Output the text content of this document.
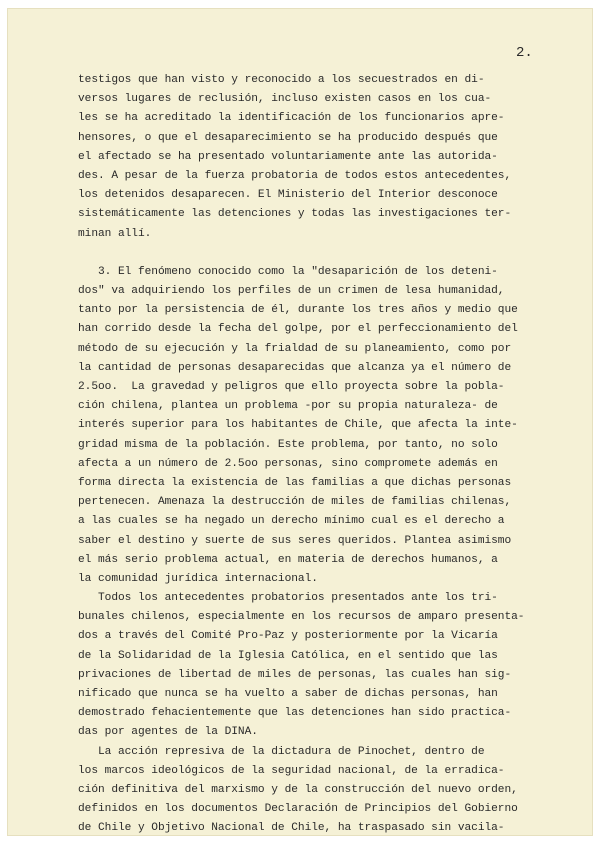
2.
testigos que han visto y reconocido a los secuestrados en di-
versos lugares de reclusión, incluso existen casos en los cua-
les se ha acreditado la identificación de los funcionarios apre-
hensores, o que el desaparecimiento se ha producido después que
el afectado se ha presentado voluntariamente ante las autorida-
des. A pesar de la fuerza probatoria de todos estos antecedentes,
los detenidos desaparecen. El Ministerio del Interior desconoce
sistemáticamente las detenciones y todas las investigaciones ter-
minan allí.
3. El fenómeno conocido como la "desaparición de los deteni-
dos" va adquiriendo los perfiles de un crimen de lesa humanidad,
tanto por la persistencia de él, durante los tres años y medio que
han corrido desde la fecha del golpe, por el perfeccionamiento del
método de su ejecución y la frialdad de su planeamiento, como por
la cantidad de personas desaparecidas que alcanza ya el número de
2.5oo.  La gravedad y peligros que ello proyecta sobre la pobla-
ción chilena, plantea un problema -por su propia naturaleza- de
interés superior para los habitantes de Chile, que afecta la inte-
gridad misma de la población. Este problema, por tanto, no solo
afecta a un número de 2.5oo personas, sino compromete además en
forma directa la existencia de las familias a que dichas personas
pertenecen. Amenaza la destrucción de miles de familias chilenas,
a las cuales se ha negado un derecho mínimo cual es el derecho a
saber el destino y suerte de sus seres queridos. Plantea asimismo
el más serio problema actual, en materia de derechos humanos, a
la comunidad jurídica internacional.
Todos los antecedentes probatorios presentados ante los tri-
bunales chilenos, especialmente en los recursos de amparo presenta-
dos a través del Comité Pro-Paz y posteriormente por la Vicaría
de la Solidaridad de la Iglesia Católica, en el sentido que las
privaciones de libertad de miles de personas, las cuales han sig-
nificado que nunca se ha vuelto a saber de dichas personas, han
demostrado fehacientemente que las detenciones han sido practica-
das por agentes de la DINA.
La acción represiva de la dictadura de Pinochet, dentro de
los marcos ideológicos de la seguridad nacional, de la erradica-
ción definitiva del marxismo y de la construcción del nuevo orden,
definidos en los documentos Declaración de Principios del Gobierno
de Chile y Objetivo Nacional de Chile, ha traspasado sin vacila-
